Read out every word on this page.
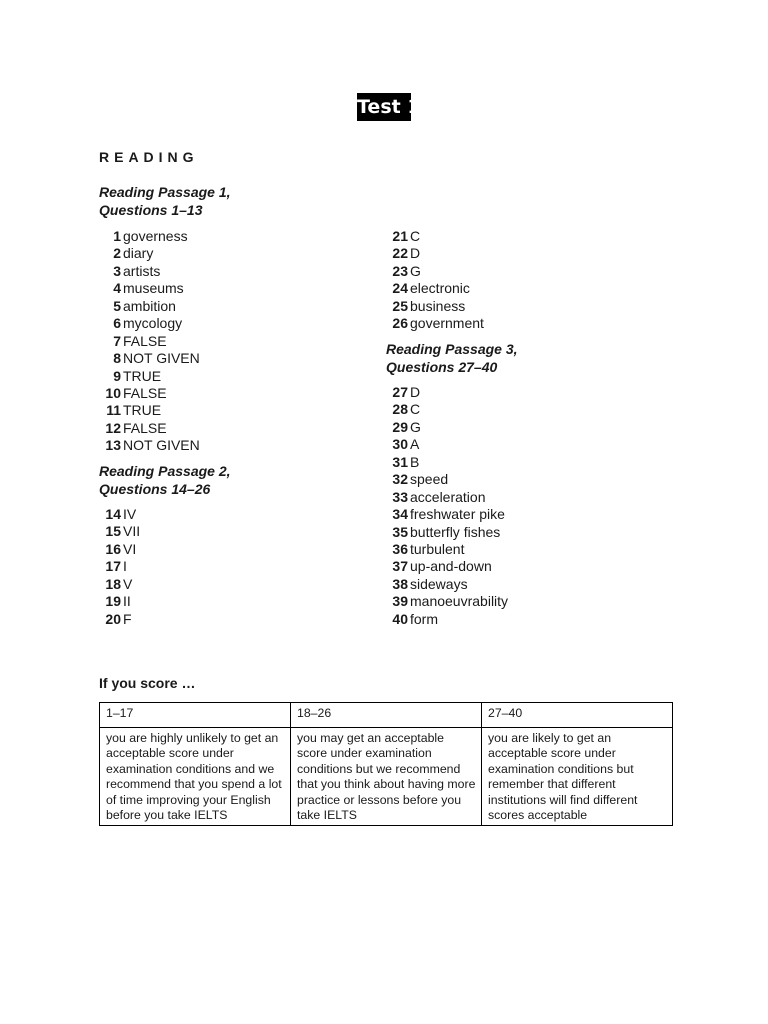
Test 1
READING
Reading Passage 1,
Questions 1–13
1 governess
2 diary
3 artists
4 museums
5 ambition
6 mycology
7 FALSE
8 NOT GIVEN
9 TRUE
10 FALSE
11 TRUE
12 FALSE
13 NOT GIVEN
Reading Passage 2,
Questions 14–26
14 IV
15 VII
16 VI
17 I
18 V
19 II
20 F
21 C
22 D
23 G
24 electronic
25 business
26 government
Reading Passage 3,
Questions 27–40
27 D
28 C
29 G
30 A
31 B
32 speed
33 acceleration
34 freshwater pike
35 butterfly fishes
36 turbulent
37 up-and-down
38 sideways
39 manoeuvrability
40 form
If you score …
1–17	18–26	27–40
you are highly unlikely to get an acceptable score under examination conditions and we recommend that you spend a lot of time improving your English before you take IELTS	you may get an acceptable score under examination conditions but we recommend that you think about having more practice or lessons before you take IELTS	you are likely to get an acceptable score under examination conditions but remember that different institutions will find different scores acceptable
